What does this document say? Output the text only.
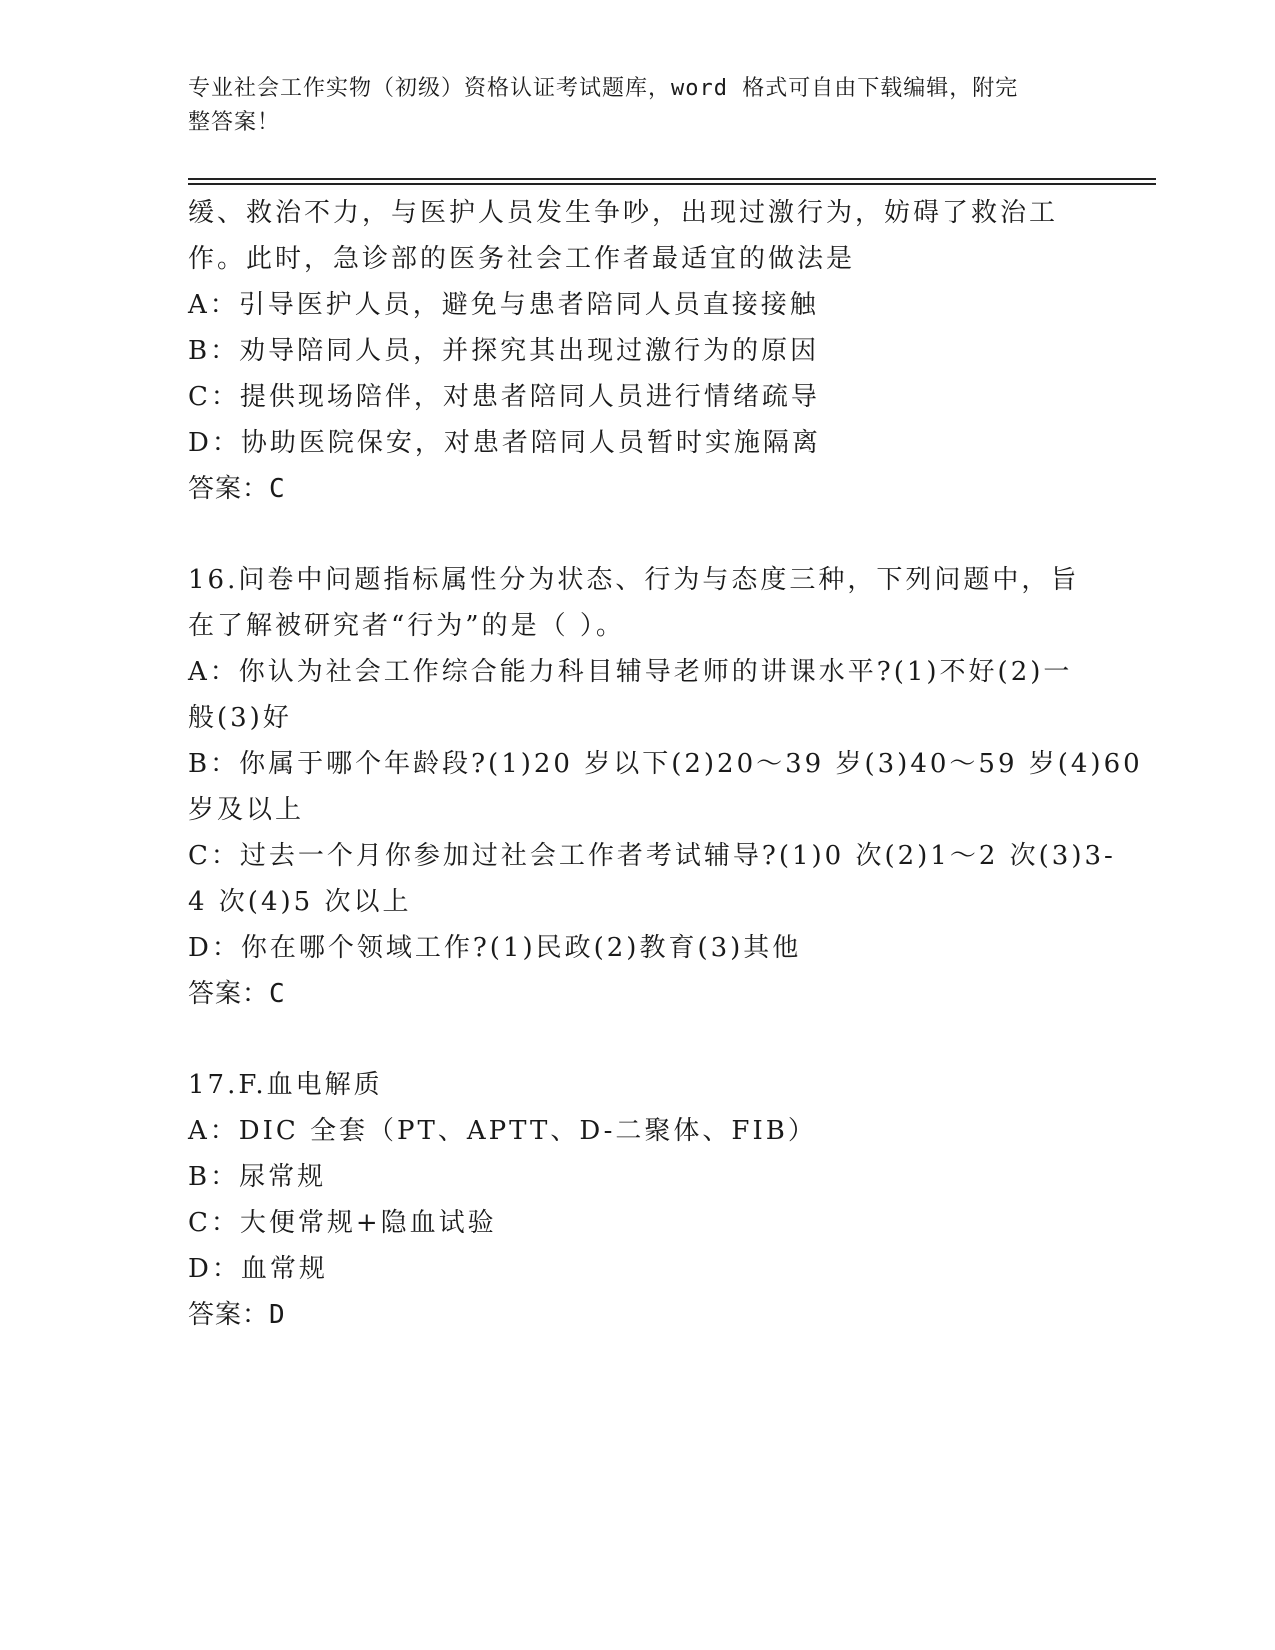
专业社会工作实物（初级）资格认证考试题库，word 格式可自由下载编辑，附完
整答案！
缓、救治不力，与医护人员发生争吵，出现过激行为，妨碍了救治工
作。此时，急诊部的医务社会工作者最适宜的做法是
A：引导医护人员，避免与患者陪同人员直接接触
B：劝导陪同人员，并探究其出现过激行为的原因
C：提供现场陪伴，对患者陪同人员进行情绪疏导
D：协助医院保安，对患者陪同人员暂时实施隔离
答案：C
16.问卷中问题指标属性分为状态、行为与态度三种，下列问题中，旨
在了解被研究者“行为”的是（ ）。
A：你认为社会工作综合能力科目辅导老师的讲课水平?(1)不好(2)一
般(3)好
B：你属于哪个年龄段?(1)20 岁以下(2)20～39 岁(3)40～59 岁(4)60
岁及以上
C：过去一个月你参加过社会工作者考试辅导?(1)0 次(2)1～2 次(3)3-
4 次(4)5 次以上
D：你在哪个领域工作?(1)民政(2)教育(3)其他
答案：C
17.F.血电解质
A：DIC 全套（PT、APTT、D-二聚体、FIB）
B：尿常规
C：大便常规+隐血试验
D：血常规
答案：D
